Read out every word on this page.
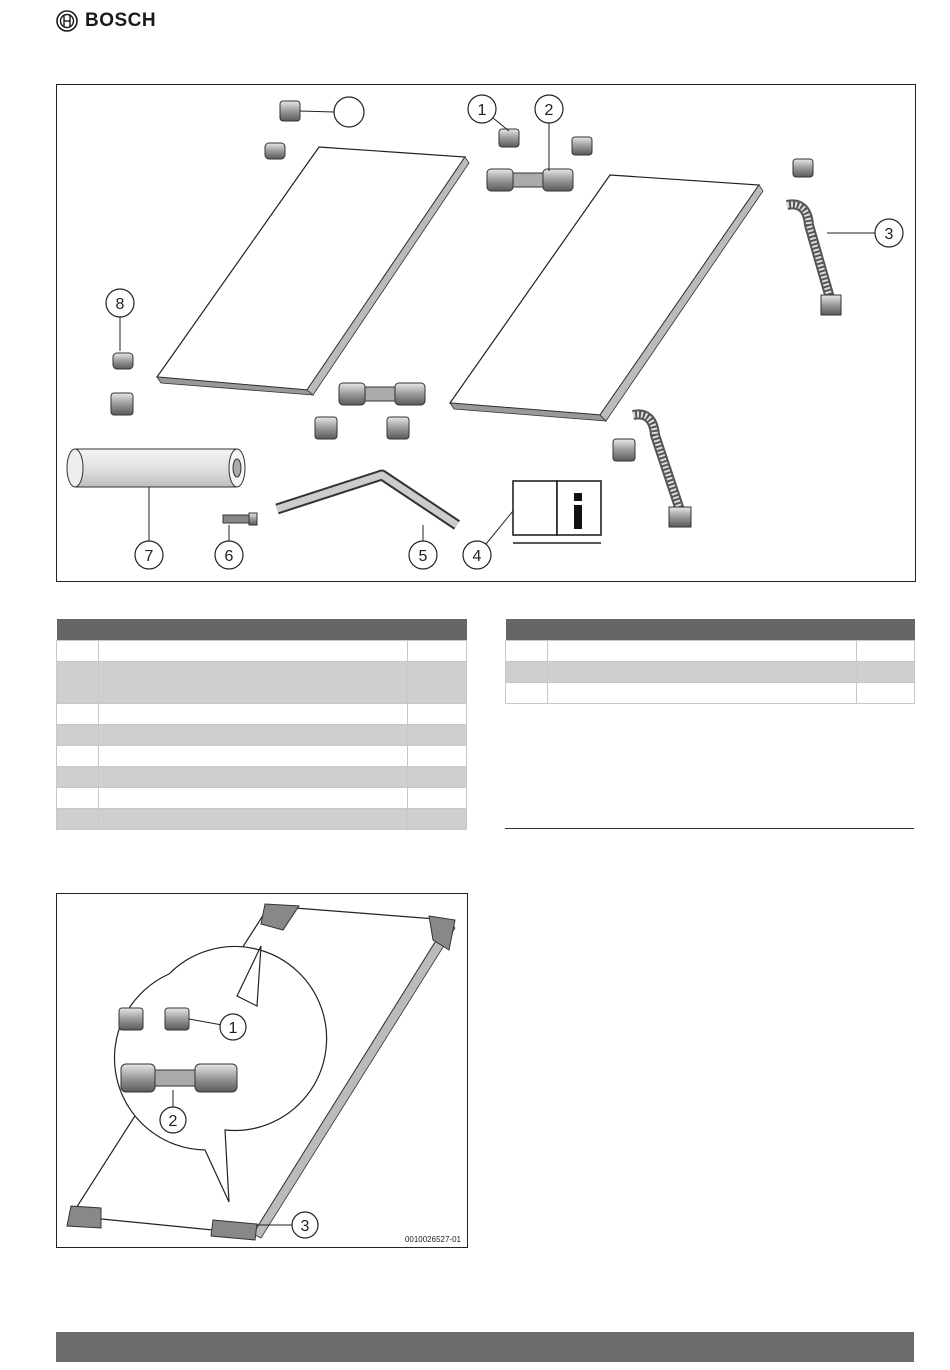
BOSCH
1	2
3
4
5
6
7
8

1
2
3
0010026527-01
